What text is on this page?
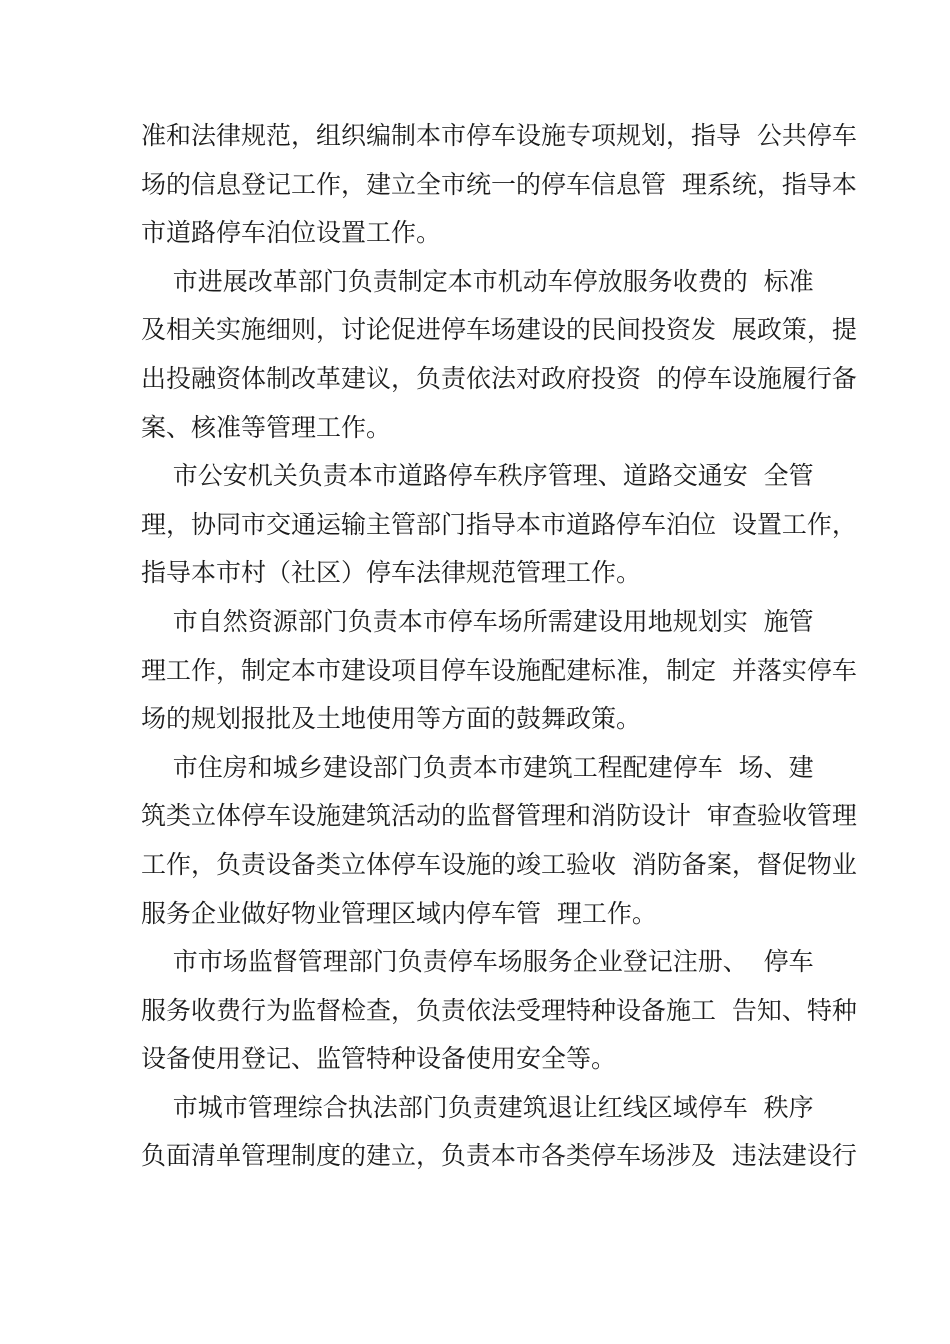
准和法律规范，组织编制本市停车设施专项规划，指导  公共停车
场的信息登记工作，建立全市统一的停车信息管  理系统，指导本
市道路停车泊位设置工作。
市进展改革部门负责制定本市机动车停放服务收费的  标准
及相关实施细则，讨论促进停车场建设的民间投资发  展政策，提
出投融资体制改革建议，负责依法对政府投资  的停车设施履行备
案、核准等管理工作。
市公安机关负责本市道路停车秩序管理、道路交通安  全管
理，协同市交通运输主管部门指导本市道路停车泊位  设置工作，
指导本市村（社区）停车法律规范管理工作。
市自然资源部门负责本市停车场所需建设用地规划实  施管
理工作，制定本市建设项目停车设施配建标准，制定  并落实停车
场的规划报批及土地使用等方面的鼓舞政策。
市住房和城乡建设部门负责本市建筑工程配建停车  场、建
筑类立体停车设施建筑活动的监督管理和消防设计  审查验收管理
工作，负责设备类立体停车设施的竣工验收  消防备案，督促物业
服务企业做好物业管理区域内停车管  理工作。
市市场监督管理部门负责停车场服务企业登记注册、  停车
服务收费行为监督检查，负责依法受理特种设备施工  告知、特种
设备使用登记、监管特种设备使用安全等。
市城市管理综合执法部门负责建筑退让红线区域停车  秩序
负面清单管理制度的建立，负责本市各类停车场涉及  违法建设行
